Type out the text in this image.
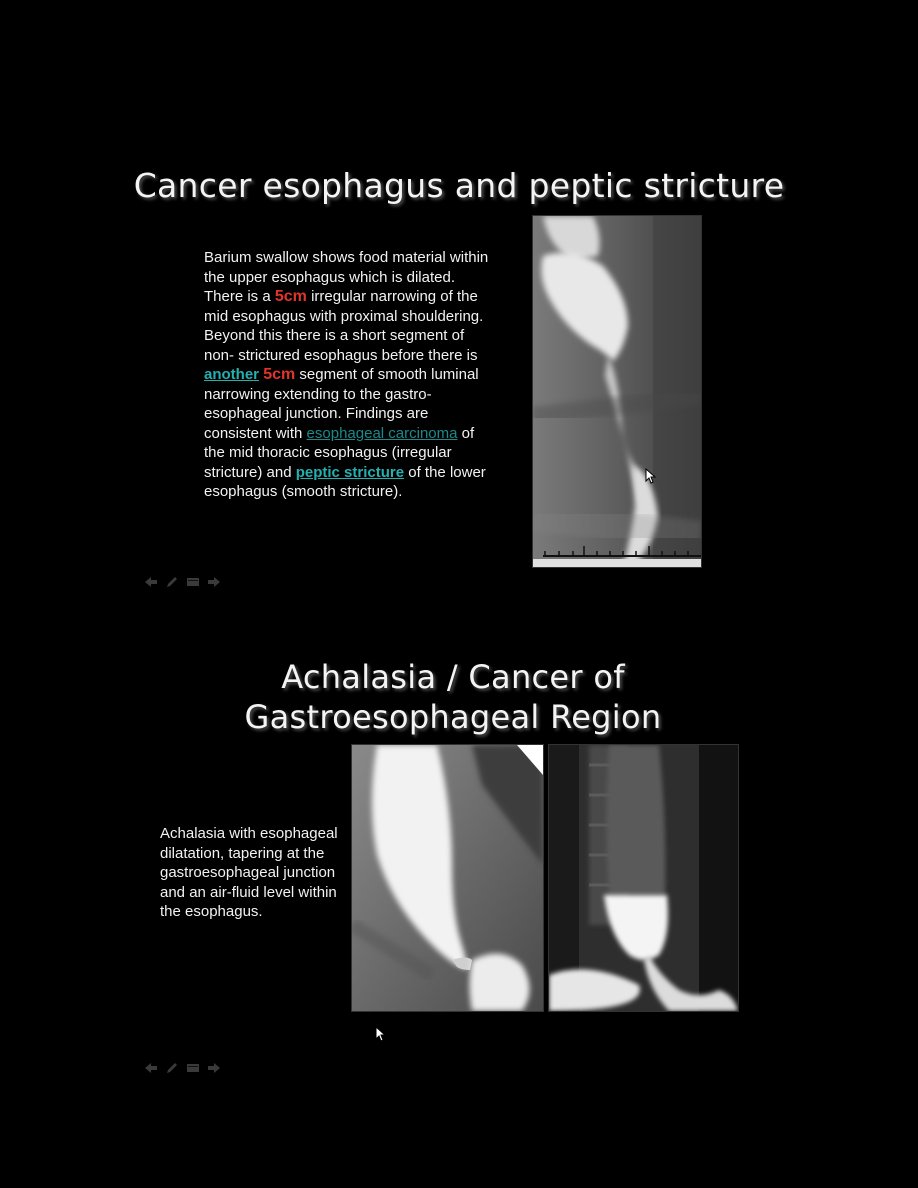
Cancer esophagus and peptic stricture
Barium swallow shows food material within the upper esophagus which is dilated. There is a 5cm irregular narrowing of the mid esophagus with proximal shouldering. Beyond this there is a short segment of non- strictured esophagus before there is another 5cm segment of smooth luminal narrowing extending to the gastro- esophageal junction. Findings are consistent with esophageal carcinoma of the mid thoracic esophagus (irregular stricture) and peptic stricture of the lower esophagus (smooth stricture).
Achalasia / Cancer of
Gastroesophageal Region
Achalasia with esophageal dilatation, tapering at the gastroesophageal junction and an air-fluid level within the esophagus.
